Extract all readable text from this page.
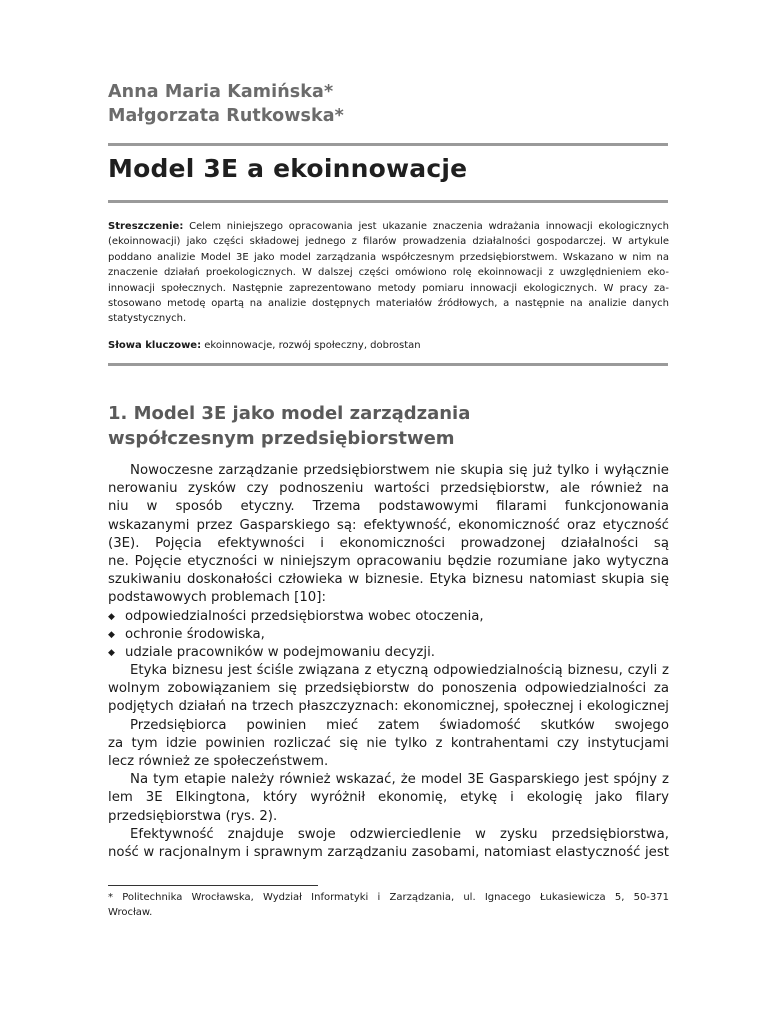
Anna Maria Kamińska*
Małgorzata Rutkowska*
Model 3E a ekoinnowacje

Streszczenie: Celem niniejszego opracowania jest ukazanie znaczenia wdrażania innowacji ekologicznych (ekoinnowacji) jako części składowej jednego z filarów prowadzenia działalności gospodarczej. W artykule poddano analizie Model 3E jako model zarządzania współczesnym przedsiębiorstwem. Wskazano w nim na znaczenie działań proekologicznych. W dalszej części omówiono rolę ekoinnowacji z uwzględnieniem eko- innowacji społecznych. Następnie zaprezentowano metody pomiaru innowacji ekologicznych. W pracy za- stosowano metodę opartą na analizie dostępnych materiałów źródłowych, a następnie na analizie danych statystycznych.

Słowa kluczowe: ekoinnowacje, rozwój społeczny, dobrostan
1. Model 3E jako model zarządzania
współczesnym przedsiębiorstwem
Nowoczesne zarządzanie przedsiębiorstwem nie skupia się już tylko i wyłącznie
nerowaniu zysków czy podnoszeniu wartości przedsiębiorstw, ale również na
niu w sposób etyczny. Trzema podstawowymi filarami funkcjonowania
wskazanymi przez Gasparskiego są: efektywność, ekonomiczność oraz etyczność
(3E). Pojęcia efektywności i ekonomiczności prowadzonej działalności są
ne. Pojęcie etyczności w niniejszym opracowaniu będzie rozumiane jako wytyczna
szukiwaniu doskonałości człowieka w biznesie. Etyka biznesu natomiast skupia się
podstawowych problemach [10]:
◆ odpowiedzialności przedsiębiorstwa wobec otoczenia,
◆ ochronie środowiska,
◆ udziale pracowników w podejmowaniu decyzji.
Etyka biznesu jest ściśle związana z etyczną odpowiedzialnością biznesu, czyli z
wolnym zobowiązaniem się przedsiębiorstw do ponoszenia odpowiedzialności za
podjętych działań na trzech płaszczyznach: ekonomicznej, społecznej i ekologicznej
Przedsiębiorca powinien mieć zatem świadomość skutków swojego
za tym idzie powinien rozliczać się nie tylko z kontrahentami czy instytucjami
lecz również ze społeczeństwem.
Na tym etapie należy również wskazać, że model 3E Gasparskiego jest spójny z
lem 3E Elkingtona, który wyróżnił ekonomię, etykę i ekologię jako filary
przedsiębiorstwa (rys. 2).
Efektywność znajduje swoje odzwierciedlenie w zysku przedsiębiorstwa,
ność w racjonalnym i sprawnym zarządzaniu zasobami, natomiast elastyczność jest
* Politechnika Wrocławska, Wydział Informatyki i Zarządzania, ul. Ignacego Łukasiewicza 5, 50-371
Wrocław.
